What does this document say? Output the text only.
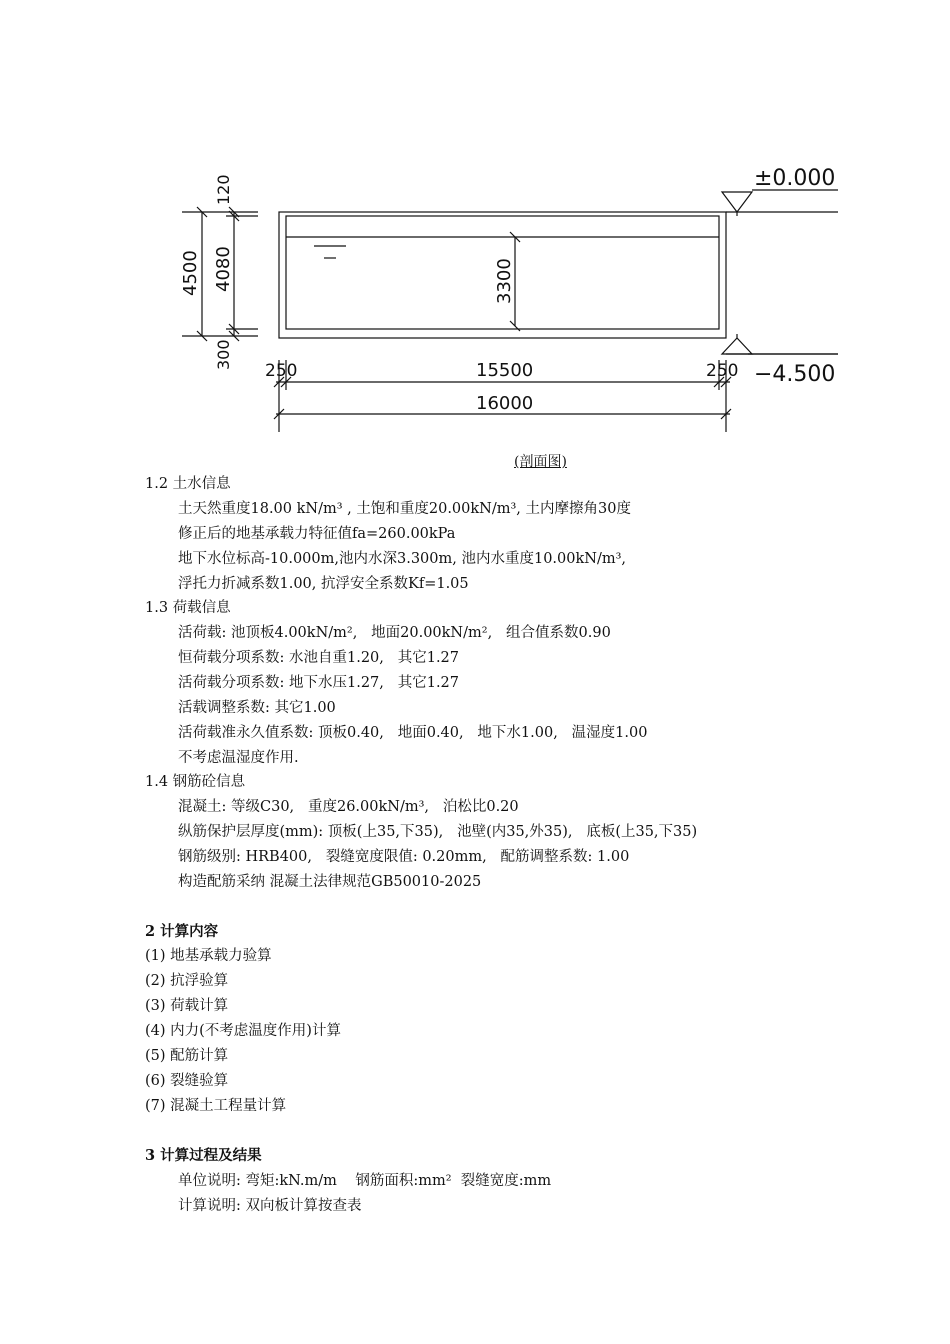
±0.000
−4.500
120
4500 4080
300
3300
250	15500	250
16000
(剖面图)
1.2 土水信息
土天然重度18.00 kN/m³ , 土饱和重度20.00kN/m³, 土内摩擦角30度
修正后的地基承载力特征值fa=260.00kPa
地下水位标高-10.000m,池内水深3.300m, 池内水重度10.00kN/m³,
浮托力折减系数1.00, 抗浮安全系数Kf=1.05
1.3 荷载信息
活荷载: 池顶板4.00kN/m²,   地面20.00kN/m²,   组合值系数0.90
恒荷载分项系数: 水池自重1.20,   其它1.27
活荷载分项系数: 地下水压1.27,   其它1.27
活载调整系数: 其它1.00
活荷载准永久值系数: 顶板0.40,   地面0.40,   地下水1.00,   温湿度1.00
不考虑温湿度作用.
1.4 钢筋砼信息
混凝土: 等级C30,   重度26.00kN/m³,   泊松比0.20
纵筋保护层厚度(mm): 顶板(上35,下35),   池壁(内35,外35),   底板(上35,下35)
钢筋级别: HRB400,   裂缝宽度限值: 0.20mm,   配筋调整系数: 1.00
构造配筋采纳 混凝土法律规范GB50010-2025
2 计算内容
(1) 地基承载力验算
(2) 抗浮验算
(3) 荷载计算
(4) 内力(不考虑温度作用)计算
(5) 配筋计算
(6) 裂缝验算
(7) 混凝土工程量计算
3 计算过程及结果
单位说明: 弯矩:kN.m/m    钢筋面积:mm²  裂缝宽度:mm
计算说明: 双向板计算按查表
